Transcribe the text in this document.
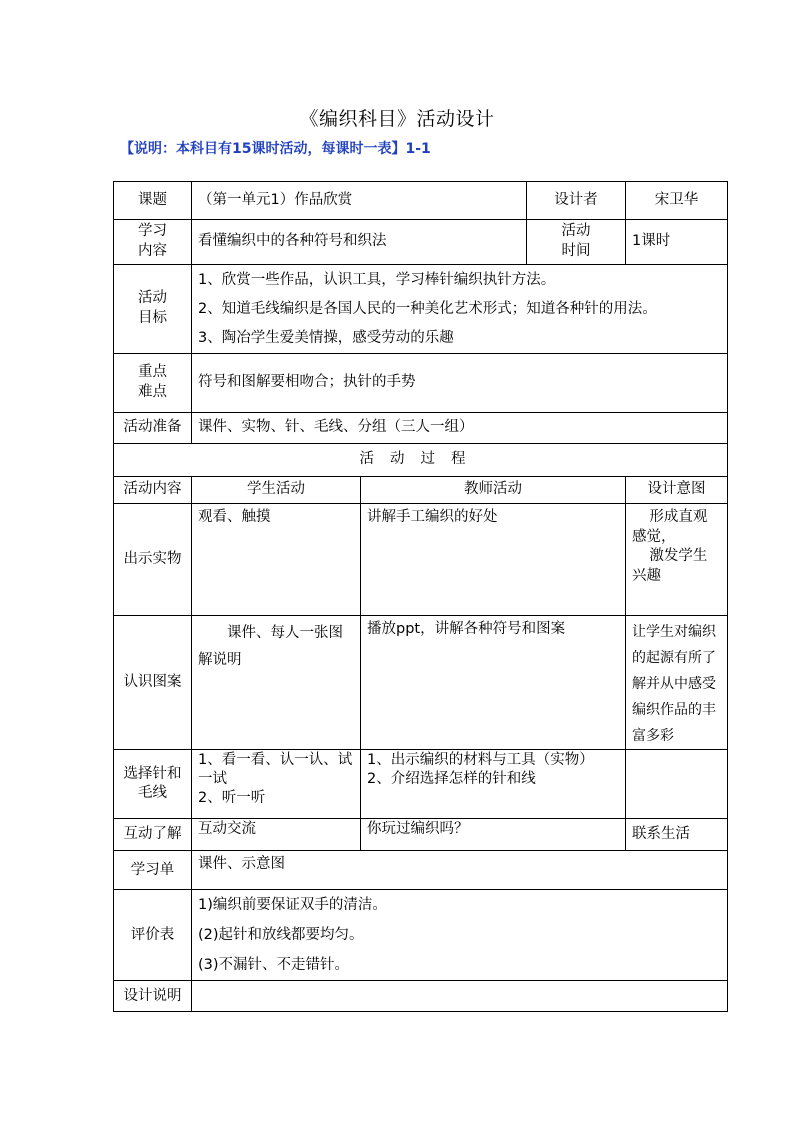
《编织科目》活动设计
【说明：本科目有15课时活动，每课时一表】1-1
课题	（第一单元1）作品欣赏		设计者	宋卫华

学习
内容	看懂编织中的各种符号和织法		活动
时间	1课时

活动
目标	1、欣赏一些作品，认识工具，学习棒针编织执针方法。
2、知道毛线编织是各国人民的一种美化艺术形式；知道各种针的用法。
3、陶冶学生爱美情操，感受劳动的乐趣			

重点
难点	符号和图解要相吻合；执针的手势			
活动准备	课件、实物、针、毛线、分组（三人一组）			
活动过程				
活动内容	学生活动	教师活动		设计意图
出示实物	观看、触摸	讲解手工编织的好处		形成直观感觉，
激发学生兴趣

认识图案	课件、每人一张图解说明	播放ppt，讲解各种符号和图案		让学生对编织的起源有所了解并从中感受编织作品的丰富多彩

选择针和
毛线	1、看一看、认一认、试一试
2、听一听	1、出示编织的材料与工具（实物）
2、介绍选择怎样的针和线		

互动了解	互动交流	你玩过编织吗？		联系生活
学习单	课件、示意图			
评价表	1)编织前要保证双手的清洁。
(2)起针和放线都要均匀。
(3)不漏针、不走错针。			

设计说明				
